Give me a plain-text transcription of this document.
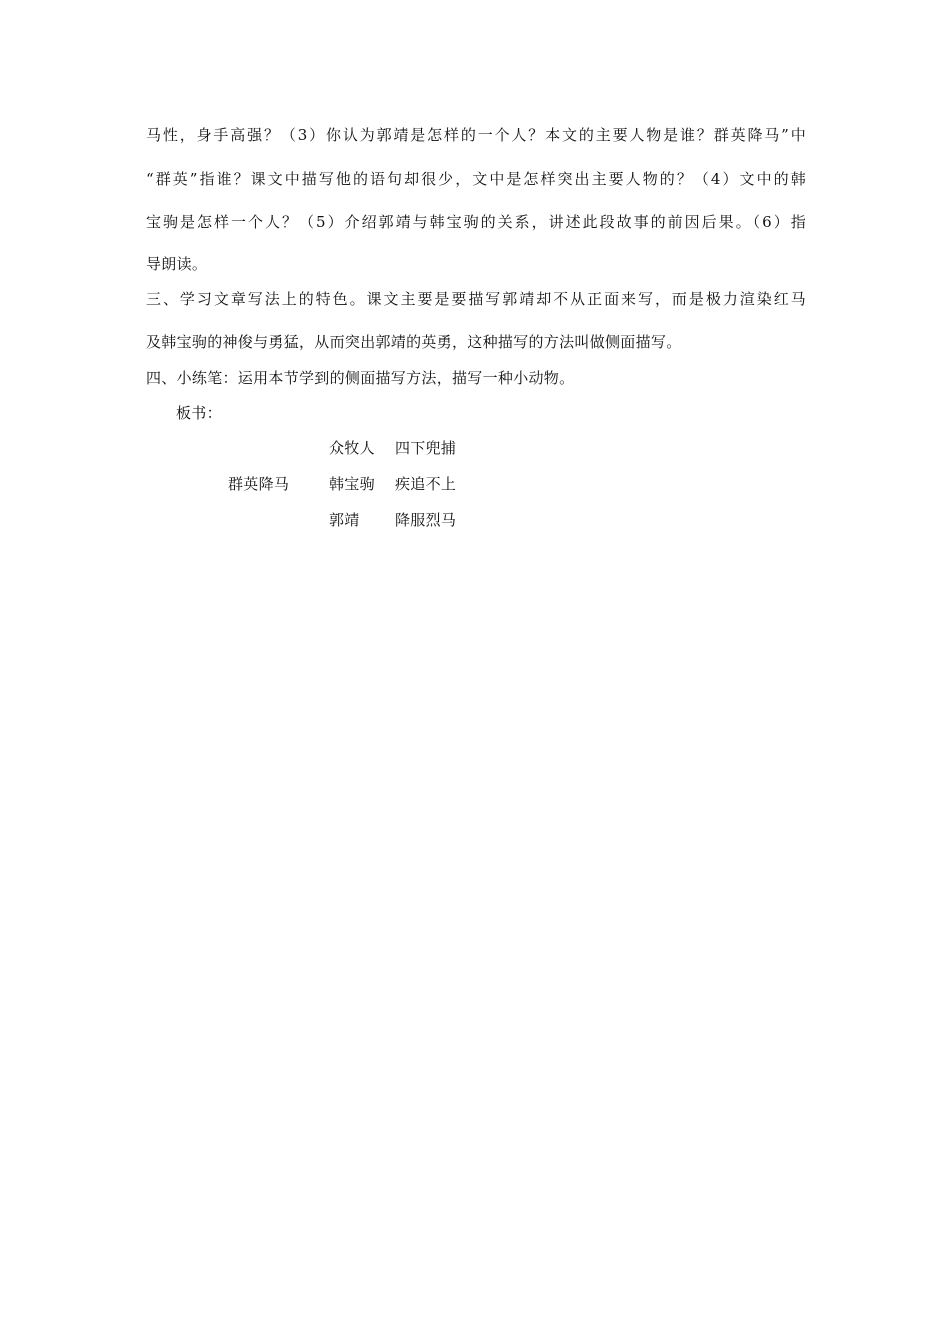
马性，身手高强？（3）你认为郭靖是怎样的一个人？本文的主要人物是谁？群英降马”中
“群英”指谁？课文中描写他的语句却很少，文中是怎样突出主要人物的？（4）文中的韩
宝驹是怎样一个人？（5）介绍郭靖与韩宝驹的关系，讲述此段故事的前因后果。（6）指
导朗读。
三、学习文章写法上的特色。课文主要是要描写郭靖却不从正面来写，而是极力渲染红马
及韩宝驹的神俊与勇猛，从而突出郭靖的英勇，这种描写的方法叫做侧面描写。
四、小练笔：运用本节学到的侧面描写方法，描写一种小动物。
板书：
群英降马
众牧人 四下兜捕
韩宝驹 疾追不上
郭靖 降服烈马
